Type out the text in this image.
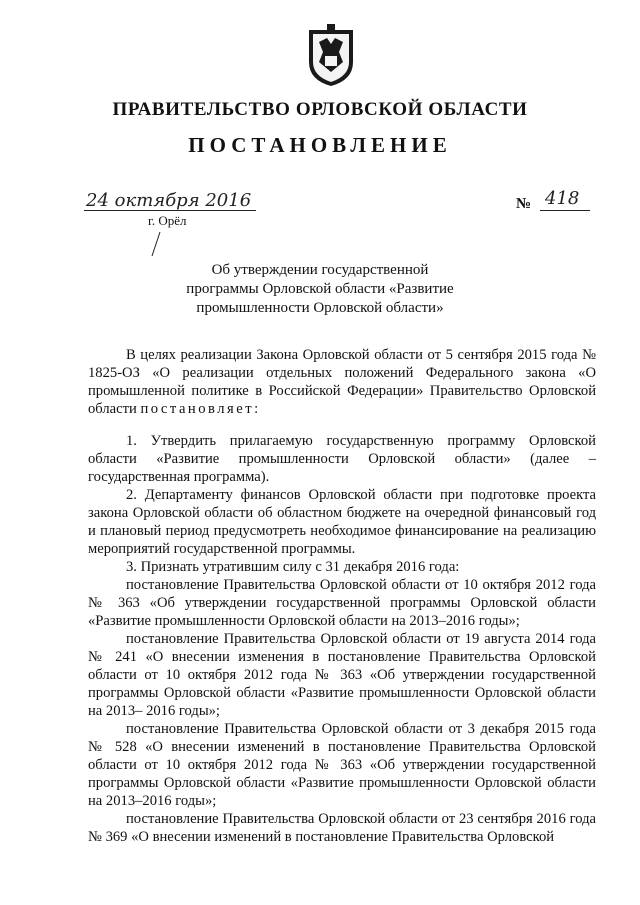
ПРАВИТЕЛЬСТВО ОРЛОВСКОЙ ОБЛАСТИ
ПОСТАНОВЛЕНИЕ
24 октября 2016
г. Орёл
№ 418
Об утверждении государственной
программы Орловской области «Развитие
промышленности Орловской области»

В целях реализации Закона Орловской области от 5 сентября 2015 года № 1825-ОЗ «О реализации отдельных положений Федерального закона «О промышленной политике в Российской Федерации» Правительство Орловской области постановляет:

1. Утвердить прилагаемую государственную программу Орловской области «Развитие промышленности Орловской области» (далее – государственная программа).

2. Департаменту финансов Орловской области при подготовке проекта закона Орловской области об областном бюджете на очередной финансовый год и плановый период предусмотреть необходимое финансирование на реализацию мероприятий государственной программы.

3. Признать утратившим силу с 31 декабря 2016 года:

постановление Правительства Орловской области от 10 октября 2012 года № 363 «Об утверждении государственной программы Орловской области «Развитие промышленности Орловской области на 2013–2016 годы»;

постановление Правительства Орловской области от 19 августа 2014 года № 241 «О внесении изменения в постановление Правительства Орловской области от 10 октября 2012 года № 363 «Об утверждении государственной программы Орловской области «Развитие промышленности Орловской области на 2013– 2016 годы»;

постановление Правительства Орловской области от 3 декабря 2015 года № 528 «О внесении изменений в постановление Правительства Орловской области от 10 октября 2012 года № 363 «Об утверждении государственной программы Орловской области «Развитие промышленности Орловской области на 2013–2016 годы»;

постановление Правительства Орловской области от 23 сентября 2016 года № 369 «О внесении изменений в постановление Правительства Орловской
